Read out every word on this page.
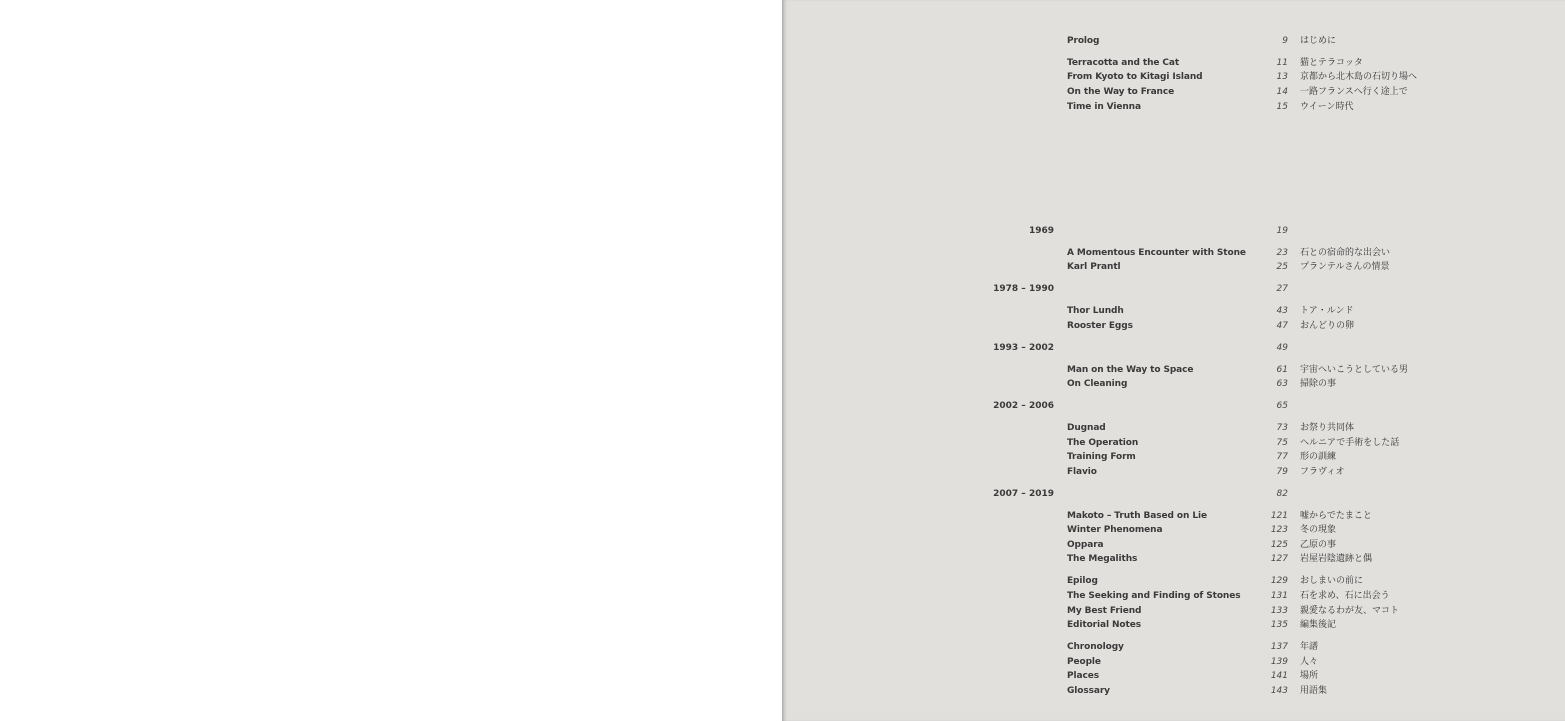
Prolog	9 はじめに
Terracotta and the Cat	11 猫とテラコッタ
From Kyoto to Kitagi Island	13 京都から北木島の石切り場へ
On the Way to France	14 一路フランスへ行く途上で
Time in Vienna	15 ウイーン時代
1969	19
A Momentous Encounter with Stone	23 石との宿命的な出会い
Karl Prantl	25 プランテルさんの情景
1978 – 1990	27
Thor Lundh	43 トア・ルンド
Rooster Eggs	47 おんどりの卵
1993 – 2002	49
Man on the Way to Space	61 宇宙へいこうとしている男
On Cleaning	63 掃除の事
2002 – 2006	65
Dugnad	73 お祭り共同体
The Operation	75 ヘルニアで手術をした話
Training Form	77 形の訓練
Flavio	79 フラヴィオ
2007 – 2019	82
Makoto – Truth Based on Lie	121 嘘からでたまこと
Winter Phenomena	123 冬の現象
Oppara	125 乙原の事
The Megaliths	127 岩屋岩陰遺跡と偶
Epilog	129 おしまいの前に
The Seeking and Finding of Stones	131 石を求め、石に出会う
My Best Friend	133 親愛なるわが友、マコト
Editorial Notes	135 編集後記
Chronology	137 年譜
People	139 人々
Places	141 場所
Glossary	143 用語集
